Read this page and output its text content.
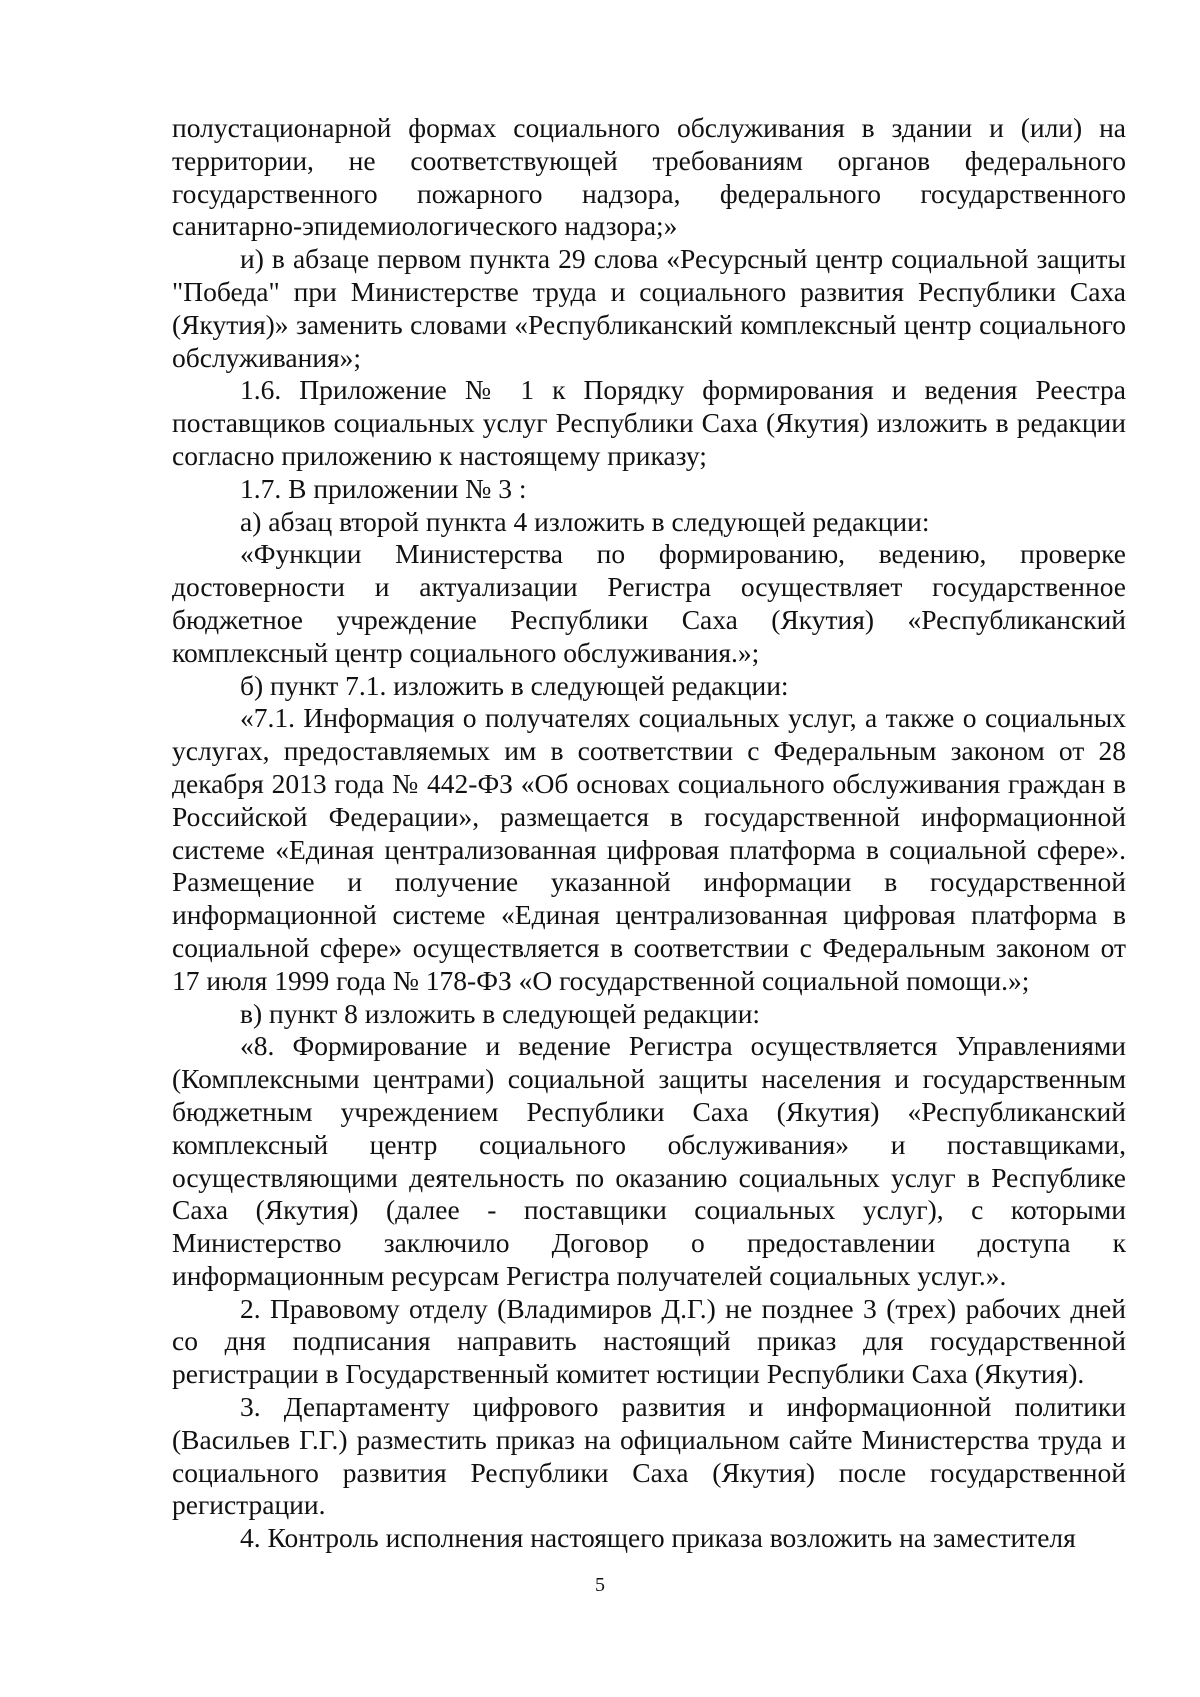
полустационарной формах социального обслуживания в здании и (или) на территории, не соответствующей требованиям органов федерального государственного пожарного надзора, федерального государственного санитарно-эпидемиологического надзора;»

и) в абзаце первом пункта 29 слова «Ресурсный центр социальной защиты "Победа" при Министерстве труда и социального развития Республики Саха (Якутия)» заменить словами «Республиканский комплексный центр социального обслуживания»;

1.6. Приложение № 1 к Порядку формирования и ведения Реестра поставщиков социальных услуг Республики Саха (Якутия) изложить в редакции согласно приложению к настоящему приказу;

1.7. В приложении № 3 :

а) абзац второй пункта 4 изложить в следующей редакции:

«Функции Министерства по формированию, ведению, проверке достоверности и актуализации Регистра осуществляет государственное бюджетное учреждение Республики Саха (Якутия) «Республиканский комплексный центр социального обслуживания.»;

б) пункт 7.1. изложить в следующей редакции:

«7.1. Информация о получателях социальных услуг, а также о социальных услугах, предоставляемых им в соответствии с Федеральным законом от 28 декабря 2013 года № 442-ФЗ «Об основах социального обслуживания граждан в Российской Федерации», размещается в государственной информационной системе «Единая централизованная цифровая платформа в социальной сфере». Размещение и получение указанной информации в государственной информационной системе «Единая централизованная цифровая платформа в социальной сфере» осуществляется в соответствии с Федеральным законом от 17 июля 1999 года № 178-ФЗ «О государственной социальной помощи.»;

в) пункт 8 изложить в следующей редакции:

«8. Формирование и ведение Регистра осуществляется Управлениями (Комплексными центрами) социальной защиты населения и государственным бюджетным учреждением Республики Саха (Якутия) «Республиканский комплексный центр социального обслуживания» и поставщиками, осуществляющими деятельность по оказанию социальных услуг в Республике Саха (Якутия) (далее - поставщики социальных услуг), с которыми Министерство заключило Договор о предоставлении доступа к информационным ресурсам Регистра получателей социальных услуг.».

2. Правовому отделу (Владимиров Д.Г.) не позднее 3 (трех) рабочих дней со дня подписания направить настоящий приказ для государственной регистрации в Государственный комитет юстиции Республики Саха (Якутия).

3. Департаменту цифрового развития и информационной политики (Васильев Г.Г.) разместить приказ на официальном сайте Министерства труда и социального развития Республики Саха (Якутия) после государственной регистрации.

4. Контроль исполнения настоящего приказа возложить на заместителя

5
